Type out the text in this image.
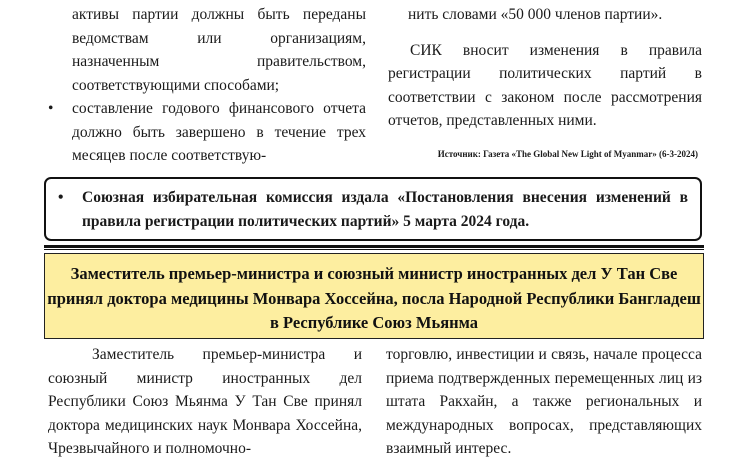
активы партии должны быть переданы ведомствам или организациям, назначенным правительством, соответствующими способами;

• составление годового финансового отчета должно быть завершено в течение трех месяцев после соответствую-

нить словами «50 000 членов партии».

СИК вносит изменения в правила регистрации политических партий в соответствии с законом после рассмотрения отчетов, представленных ними.

Источник: Газета «The Global New Light of Myanmar» (6-3-2024)
• Союзная избирательная комиссия издала «Постановления внесения изменений в правила регистрации политических партий» 5 марта 2024 года.
Заместитель премьер-министра и союзный министр иностранных дел У Тан Све принял доктора медицины Монвара Хоссейна, посла Народной Республики Бангладеш в Республике Союз Мьянма

Заместитель премьер-министра и союзный министр иностранных дел Республики Союз Мьянма У Тан Све принял доктора медицинских наук Монвара Хоссейна, Чрезвычайного и полномочно-

торговлю, инвестиции и связь, начале процесса приема подтвержденных перемещенных лиц из штата Ракхайн, а также региональных и международных вопросах, представляющих взаимный интерес.
